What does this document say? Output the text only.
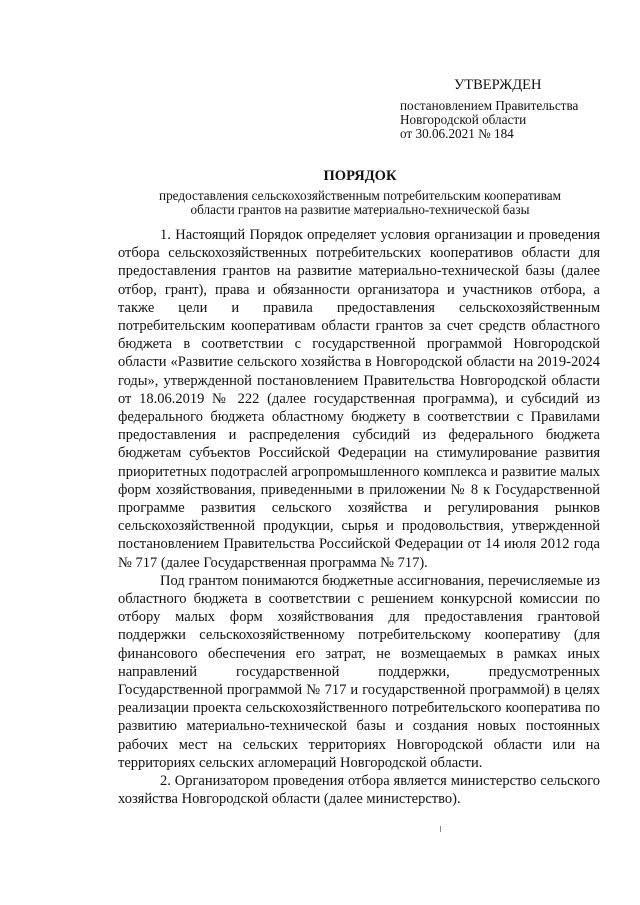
УТВЕРЖДЕН
постановлением Правительства
Новгородской области
от 30.06.2021 № 184
ПОРЯДОК
предоставления сельскохозяйственным потребительским кооперативам
области грантов на развитие материально-технической базы

1. Настоящий Порядок определяет условия организации и проведения отбора сельскохозяйственных потребительских кооперативов области для предоставления грантов на развитие материально-технической базы (далее отбор, грант), права и обязанности организатора и участников отбора, а также цели и правила предоставления сельскохозяйственным потребительским кооперативам области грантов за счет средств областного бюджета в соответствии с государственной программой Новгородской области «Развитие сельского хозяйства в Новгородской области на 2019-2024 годы», утвержденной постановлением Правительства Новгородской области от 18.06.2019 № 222 (далее государственная программа), и субсидий из федерального бюджета областному бюджету в соответствии с Правилами предоставления и распределения субсидий из федерального бюджета бюджетам субъектов Российской Федерации на стимулирование развития приоритетных подотраслей агропромышленного комплекса и развитие малых форм хозяйствования, приведенными в приложении № 8 к Государственной программе развития сельского хозяйства и регулирования рынков сельскохозяйственной продукции, сырья и продовольствия, утвержденной постановлением Правительства Российской Федерации от 14 июля 2012 года № 717 (далее Государственная программа № 717).

Под грантом понимаются бюджетные ассигнования, перечисляемые из областного бюджета в соответствии с решением конкурсной комиссии по отбору малых форм хозяйствования для предоставления грантовой поддержки сельскохозяйственному потребительскому кооперативу (для финансового обеспечения его затрат, не возмещаемых в рамках иных направлений государственной поддержки, предусмотренных Государственной программой № 717 и государственной программой) в целях реализации проекта сельскохозяйственного потребительского кооператива по развитию материально-технической базы и создания новых постоянных рабочих мест на сельских территориях Новгородской области или на территориях сельских агломераций Новгородской области.

2. Организатором проведения отбора является министерство сельского хозяйства Новгородской области (далее министерство).
